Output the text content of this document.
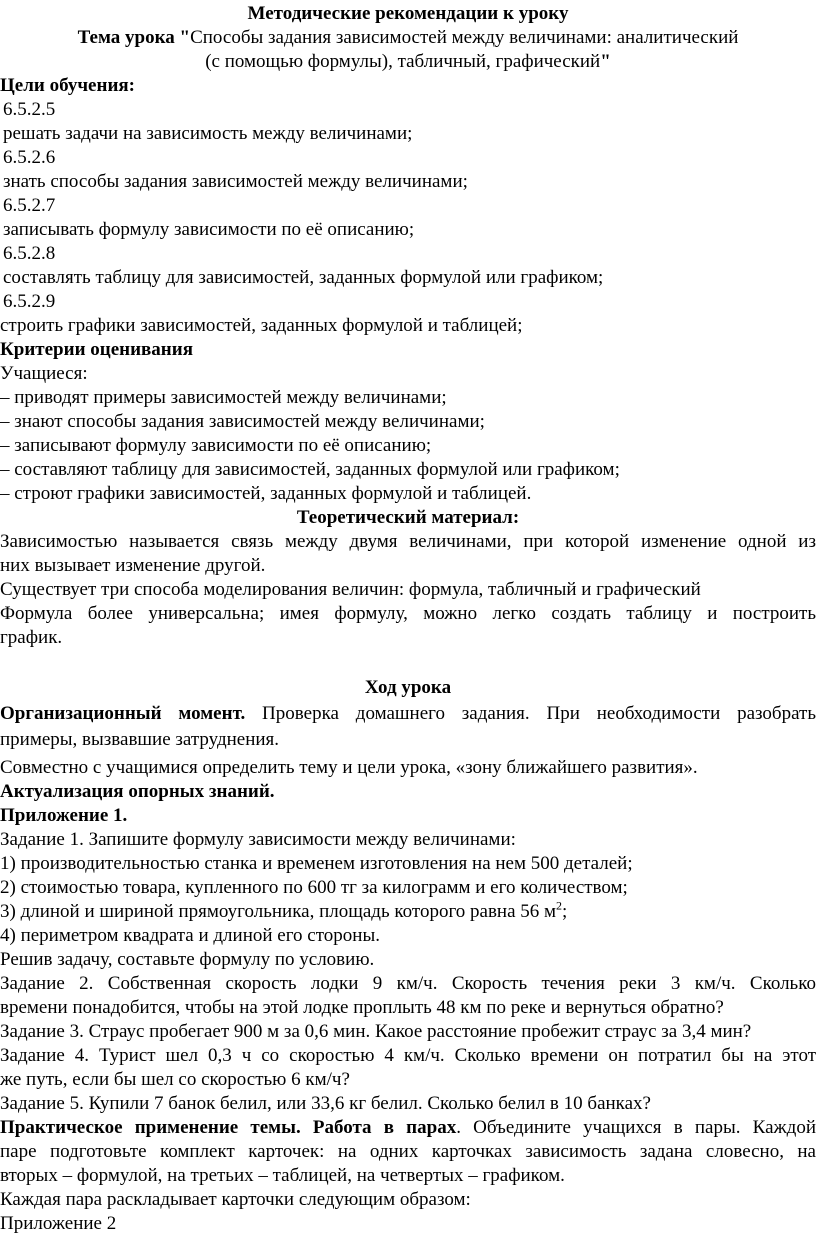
Методические рекомендации к уроку
Тема урока "Способы задания зависимостей между величинами: аналитический
(с помощью формулы), табличный, графический"
Цели обучения:
6.5.2.5
решать задачи на зависимость между величинами;
6.5.2.6
знать способы задания зависимостей между величинами;
6.5.2.7
записывать формулу зависимости по её описанию;
6.5.2.8
составлять таблицу для зависимостей, заданных формулой или графиком;
6.5.2.9
строить графики зависимостей, заданных формулой и таблицей;
Критерии оценивания
Учащиеся:
– приводят примеры зависимостей между величинами;
– знают способы задания зависимостей между величинами;
– записывают формулу зависимости по её описанию;
– составляют таблицу для зависимостей, заданных формулой или графиком;
– строют графики зависимостей, заданных формулой и таблицей.
Теоретический материал:
Зависимостью называется связь между двумя величинами, при которой изменение одной из
них вызывает изменение другой.
Существует три способа моделирования величин: формула, табличный и графический
Формула более универсальна; имея формулу, можно легко создать таблицу и построить
график.
Ход урока
Организационный момент. Проверка домашнего задания. При необходимости разобрать
примеры, вызвавшие затруднения.
Совместно с учащимися определить тему и цели урока, «зону ближайшего развития».
Актуализация опорных знаний.
Приложение 1.
Задание 1. Запишите формулу зависимости между величинами:
1) производительностью станка и временем изготовления на нем 500 деталей;
2) стоимостью товара, купленного по 600 тг за килограмм и его количеством;
3) длиной и шириной прямоугольника, площадь которого равна 56 $м^2$;
4) периметром квадрата и длиной его стороны.
Решив задачу, составьте формулу по условию.
Задание 2. Собственная скорость лодки 9 км/ч. Скорость течения реки 3 км/ч. Сколько
времени понадобится, чтобы на этой лодке проплыть 48 км по реке и вернуться обратно?
Задание 3. Страус пробегает 900 м за 0,6 мин. Какое расстояние пробежит страус за 3,4 мин?
Задание 4. Турист шел 0,3 ч со скоростью 4 км/ч. Сколько времени он потратил бы на этот
же путь, если бы шел со скоростью 6 км/ч?
Задание 5. Купили 7 банок белил, или 33,6 кг белил. Сколько белил в 10 банках?
Практическое применение темы. Работа в парах. Объедините учащихся в пары. Каждой
паре подготовьте комплект карточек: на одних карточках зависимость задана словесно, на
вторых – формулой, на третьих – таблицей, на четвертых – графиком.
Каждая пара раскладывает карточки следующим образом:
Приложение 2
